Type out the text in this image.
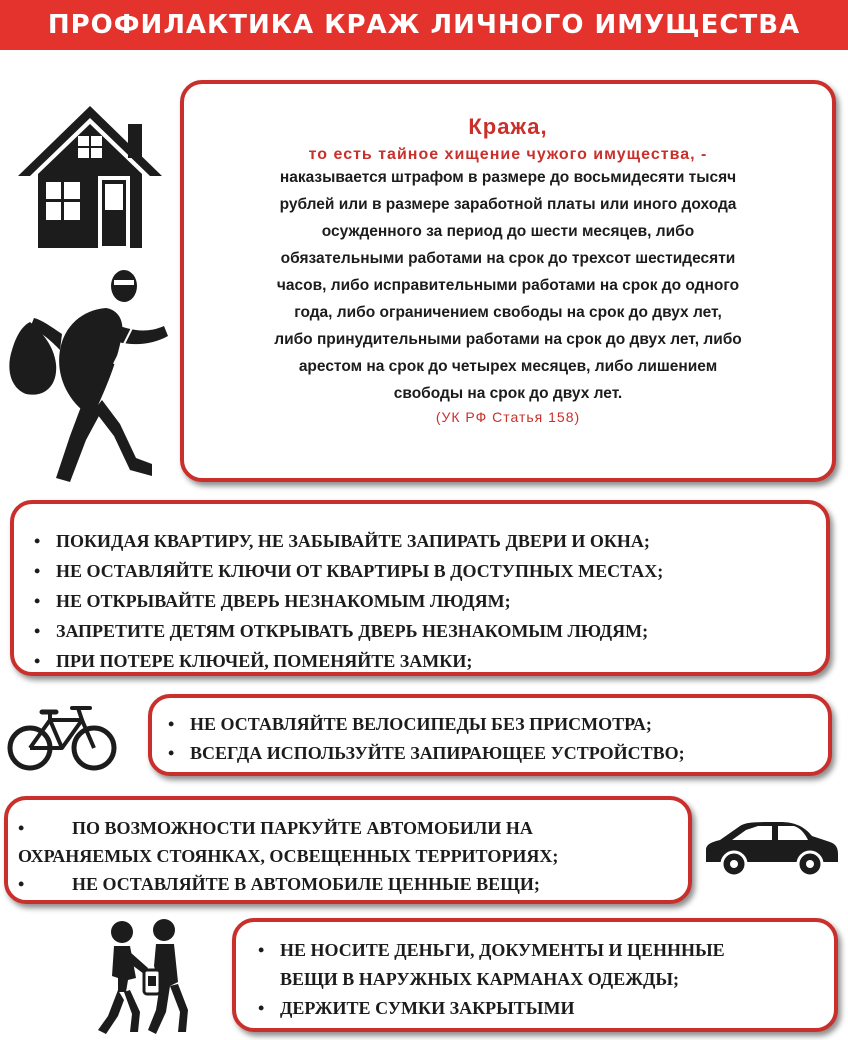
ПРОФИЛАКТИКА КРАЖ ЛИЧНОГО ИМУЩЕСТВА
Кража,
то есть тайное хищение чужого имущества, -
наказывается штрафом в размере до восьмидесяти тысяч
рублей или в размере заработной платы или иного дохода
осужденного за период до шести месяцев, либо
обязательными работами на срок до трехсот шестидесяти
часов, либо исправительными работами на срок до одного
года, либо ограничением свободы на срок до двух лет,
либо принудительными работами на срок до двух лет, либо
арестом на срок до четырех месяцев, либо лишением
свободы на срок до двух лет.
(УК РФ Статья 158)
• ПОКИДАЯ КВАРТИРУ, НЕ ЗАБЫВАЙТЕ ЗАПИРАТЬ ДВЕРИ И ОКНА;
• НЕ ОСТАВЛЯЙТЕ КЛЮЧИ ОТ КВАРТИРЫ В ДОСТУПНЫХ МЕСТАХ;
• НЕ ОТКРЫВАЙТЕ ДВЕРЬ НЕЗНАКОМЫМ ЛЮДЯМ;
• ЗАПРЕТИТЕ ДЕТЯМ ОТКРЫВАТЬ ДВЕРЬ НЕЗНАКОМЫМ ЛЮДЯМ;
• ПРИ ПОТЕРЕ КЛЮЧЕЙ, ПОМЕНЯЙТЕ ЗАМКИ;
• НЕ ОСТАВЛЯЙТЕ ВЕЛОСИПЕДЫ БЕЗ ПРИСМОТРА;
• ВСЕГДА ИСПОЛЬЗУЙТЕ ЗАПИРАЮЩЕЕ УСТРОЙСТВО;
•	ПО ВОЗМОЖНОСТИ ПАРКУЙТЕ АВТОМОБИЛИ НА
ОХРАНЯЕМЫХ СТОЯНКАХ, ОСВЕЩЕННЫХ ТЕРРИТОРИЯХ;
•	НЕ ОСТАВЛЯЙТЕ В АВТОМОБИЛЕ ЦЕННЫЕ ВЕЩИ;
• НЕ НОСИТЕ ДЕНЬГИ, ДОКУМЕНТЫ И ЦЕНННЫЕ
ВЕЩИ В НАРУЖНЫХ КАРМАНАХ ОДЕЖДЫ;
• ДЕРЖИТЕ СУМКИ ЗАКРЫТЫМИ
